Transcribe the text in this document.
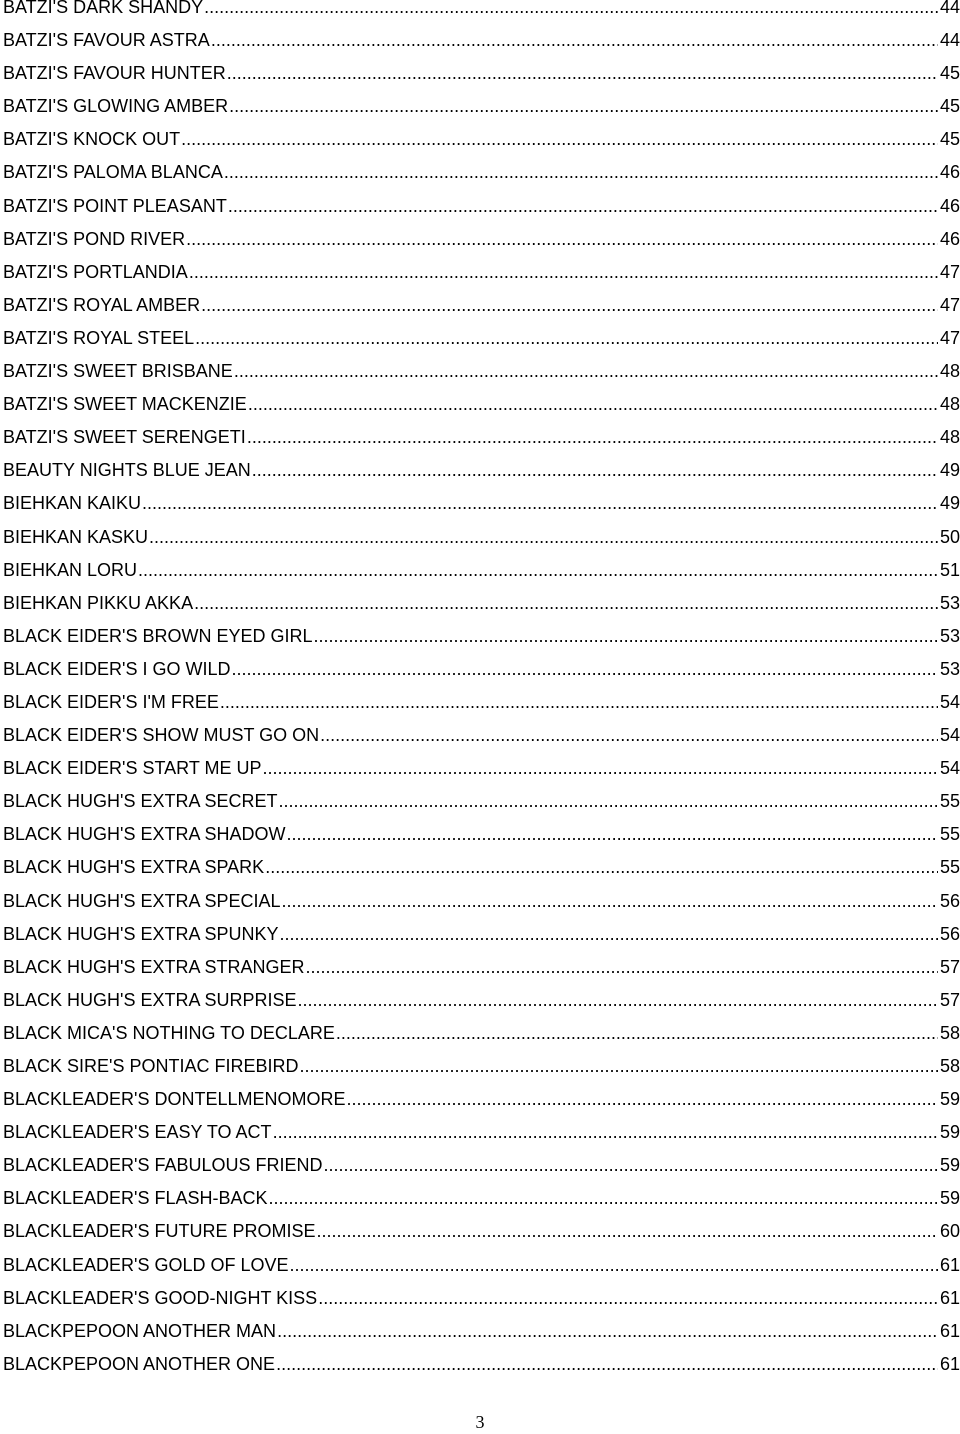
BATZI'S DARK SHANDY .....	44
BATZI'S FAVOUR ASTRA .....	44
BATZI'S FAVOUR HUNTER .....	45
BATZI'S GLOWING AMBER .....	45
BATZI'S KNOCK OUT .....	45
BATZI'S PALOMA BLANCA .....	46
BATZI'S POINT PLEASANT .....	46
BATZI'S POND RIVER .....	46
BATZI'S PORTLANDIA .....	47
BATZI'S ROYAL AMBER .....	47
BATZI'S ROYAL STEEL .....	47
BATZI'S SWEET BRISBANE .....	48
BATZI'S SWEET MACKENZIE .....	48
BATZI'S SWEET SERENGETI .....	48
BEAUTY NIGHTS BLUE JEAN .....	49
BIEHKAN KAIKU .....	49
BIEHKAN KASKU .....	50
BIEHKAN LORU .....	51
BIEHKAN PIKKU AKKA .....	53
BLACK EIDER'S BROWN EYED GIRL .....	53
BLACK EIDER'S I GO WILD .....	53
BLACK EIDER'S I'M FREE .....	54
BLACK EIDER'S SHOW MUST GO ON .....	54
BLACK EIDER'S START ME UP .....	54
BLACK HUGH'S EXTRA SECRET .....	55
BLACK HUGH'S EXTRA SHADOW .....	55
BLACK HUGH'S EXTRA SPARK .....	55
BLACK HUGH'S EXTRA SPECIAL .....	56
BLACK HUGH'S EXTRA SPUNKY .....	56
BLACK HUGH'S EXTRA STRANGER .....	57
BLACK HUGH'S EXTRA SURPRISE .....	57
BLACK MICA'S NOTHING TO DECLARE .....	58
BLACK SIRE'S PONTIAC FIREBIRD .....	58
BLACKLEADER'S DONTELLMENOMORE .....	59
BLACKLEADER'S EASY TO ACT .....	59
BLACKLEADER'S FABULOUS FRIEND .....	59
BLACKLEADER'S FLASH-BACK .....	59
BLACKLEADER'S FUTURE PROMISE .....	60
BLACKLEADER'S GOLD OF LOVE .....	61
BLACKLEADER'S GOOD-NIGHT KISS .....	61
BLACKPEPOON ANOTHER MAN .....	61
BLACKPEPOON ANOTHER ONE .....	61
3
